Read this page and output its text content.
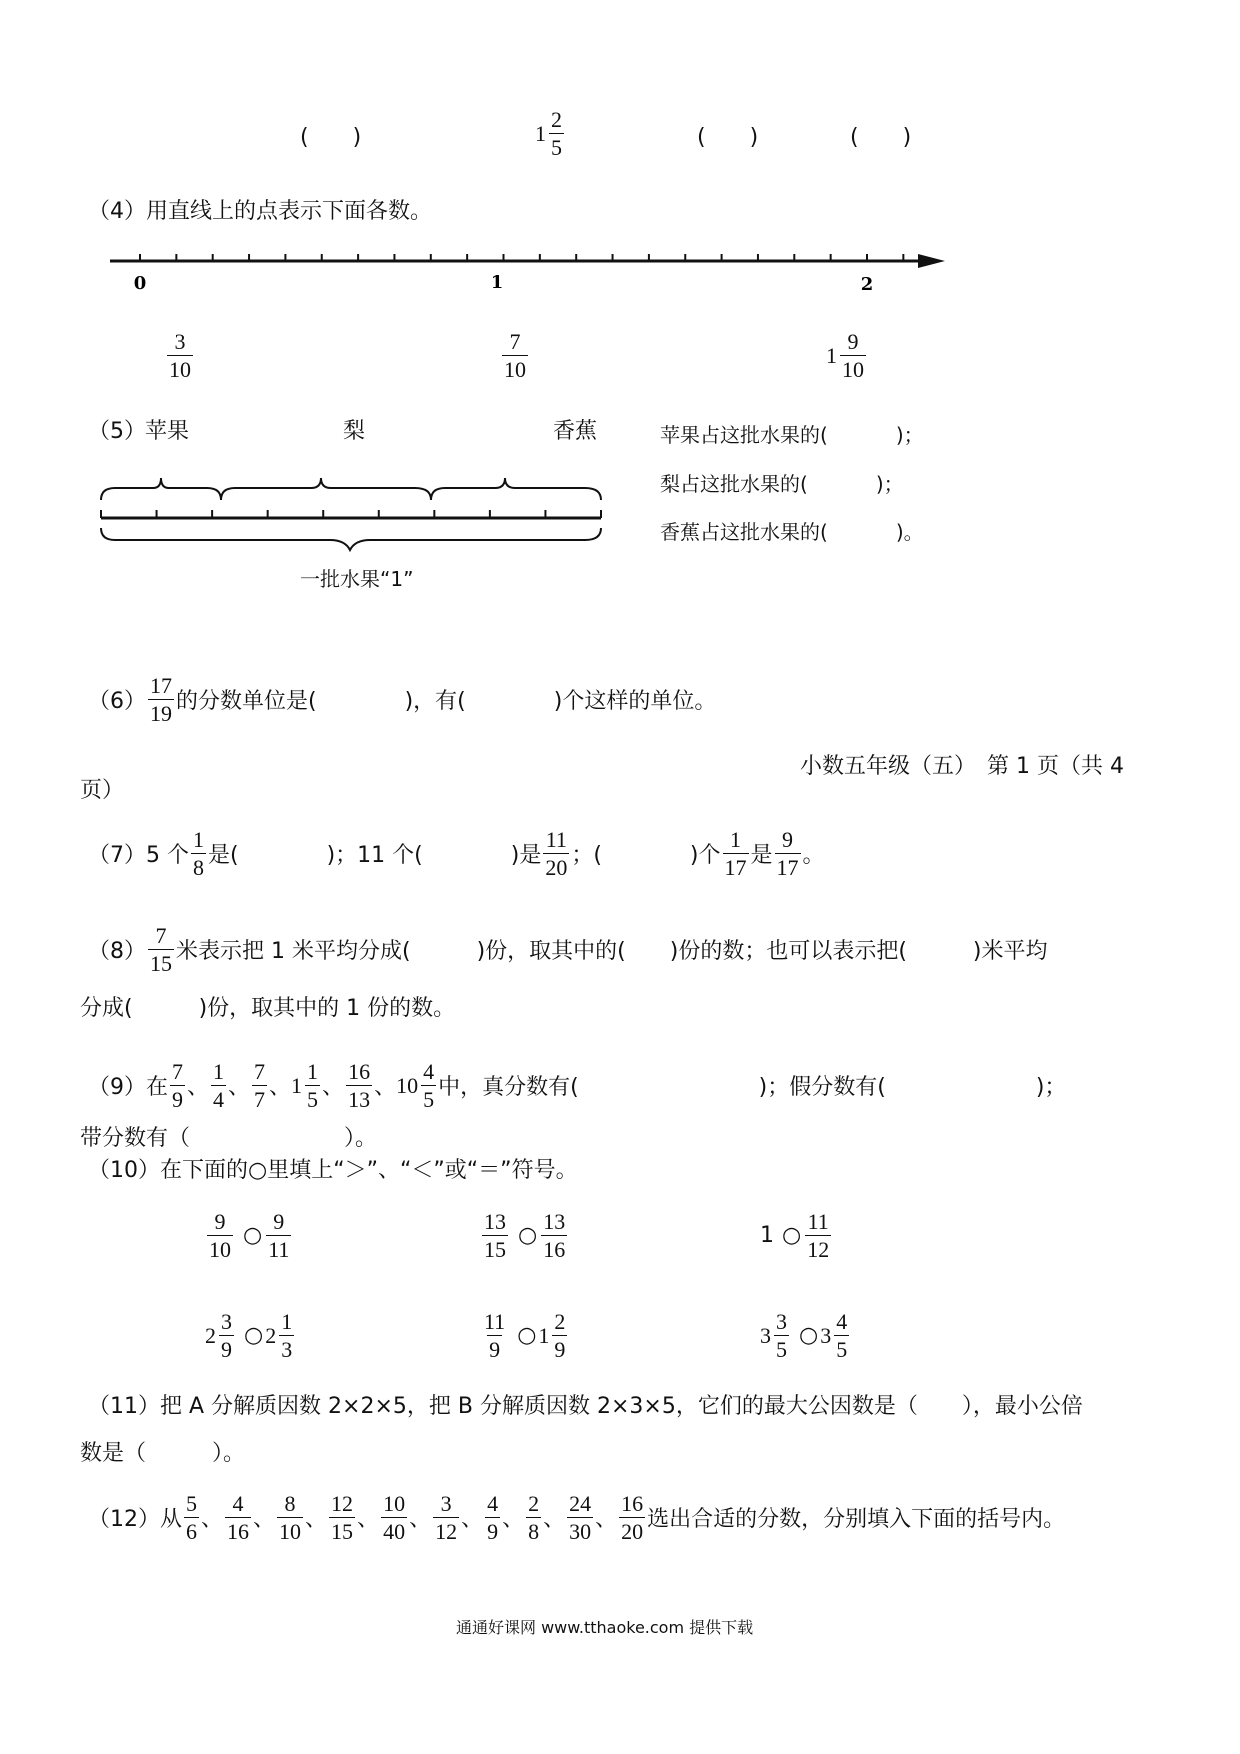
(　　)	$1 \frac{2}{5}$	(　　)	(　　)
（4）用直线上的点表示下面各数。
0	1	2
$\frac{3}{10}$	$\frac{7}{10}$	$1 \frac{9}{10}$
（5） 苹果	梨	香蕉
一批水果“1”
苹果占这批水果的(	)；
梨占这批水果的(	)；
香蕉占这批水果的(	)。
$(6) \frac{17}{19}$ 的分数单位是(　　　　)，有(　　　　)个这样的单位。
小数五年级（五）　第 1 页（共 4
页）
（7）5 个 $\frac{1}{8}$ 是(　　　　)；11 个(　　　　)是 $\frac{11}{20}$ ；(　　　　)个 $\frac{1}{17}$ 是 $\frac{9}{17}$ 。
$(8) \frac{7}{15}$ 米表示把 1 米平均分成(　　　)份，取其中的(　　)份的数；也可以表示把(　　　)米平均
分成(　　　)份，取其中的 1 份的数。
（9）在 $\frac{7}{9}$ 、 $\frac{1}{4}$ 、 $\frac{7}{7}$ 、 $1 \frac{1}{5}$ 、 $\frac{16}{13}$ 、 $10 \frac{4}{5}$ 中，真分数有(	)；假分数有(	)；
带分数有（　　　　　　　）。
（10）在下面的○里填上“＞”、“＜”或“＝”符号。
$\frac{9}{10}$ ○ $\frac{9}{11}$	$\frac{13}{15}$ ○ $\frac{13}{16}$	1 ○ $\frac{11}{12}$
$2 \frac{3}{9}$ ○ $2 \frac{1}{3}$	$\frac{11}{9}$ ○ $1 \frac{2}{9}$	$3 \frac{3}{5}$ ○ $3 \frac{4}{5}$
（11）把 A 分解质因数 2×2×5，把 B 分解质因数 2×3×5，它们的最大公因数是（　　），最小公倍
数是（　　　）。
（12）从 $\frac{5}{6}$ 、 $\frac{4}{16}$ 、 $\frac{8}{10}$ 、 $\frac{12}{15}$ 、 $\frac{10}{40}$ 、 $\frac{3}{12}$ 、 $\frac{4}{9}$ 、 $\frac{2}{8}$ 、 $\frac{24}{30}$ 、 $\frac{16}{20}$ 选出合适的分数，分别填入下面的括号内。
通通好课网 www.tthaoke.com 提供下载
